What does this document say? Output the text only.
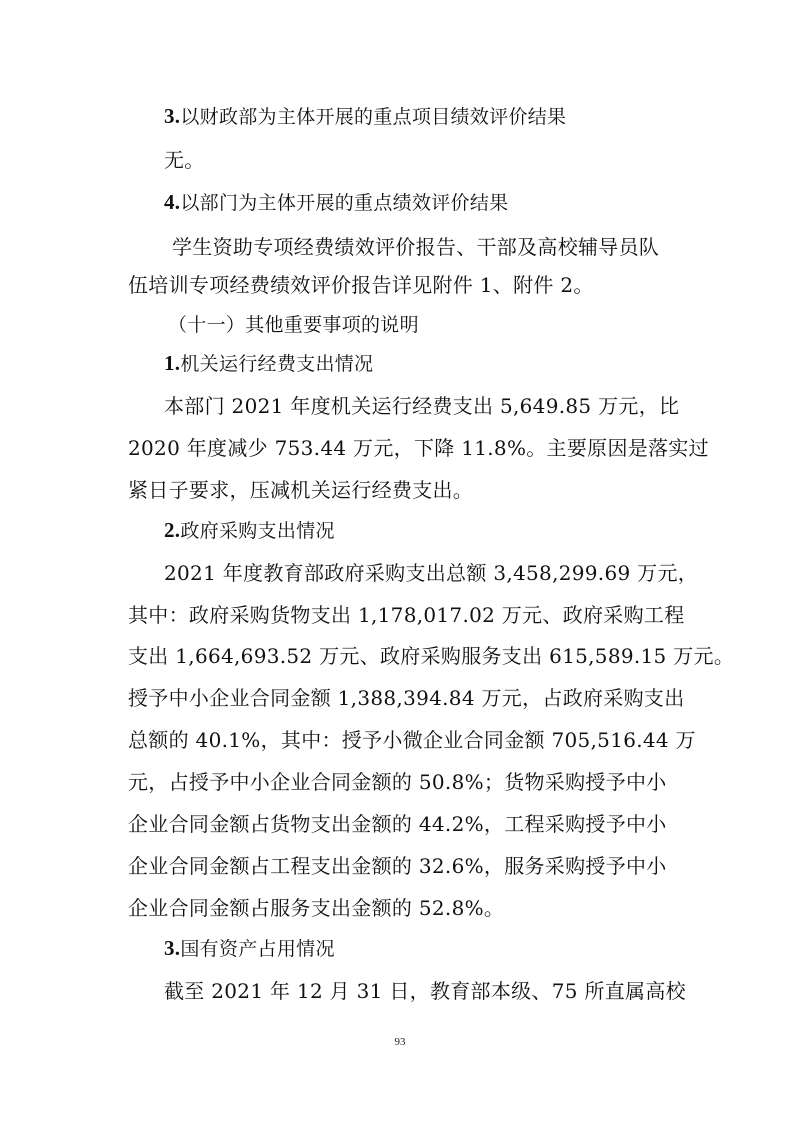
3.以财政部为主体开展的重点项目绩效评价结果
无。
4.以部门为主体开展的重点绩效评价结果
学生资助专项经费绩效评价报告、干部及高校辅导员队
伍培训专项经费绩效评价报告详见附件 1、附件 2。
（十一）其他重要事项的说明
1.机关运行经费支出情况
本部门 2021 年度机关运行经费支出 5,649.85 万元，比
2020 年度减少 753.44 万元，下降 11.8%。主要原因是落实过
紧日子要求，压减机关运行经费支出。
2.政府采购支出情况
2021 年度教育部政府采购支出总额 3,458,299.69 万元，
其中：政府采购货物支出 1,178,017.02 万元、政府采购工程
支出 1,664,693.52 万元、政府采购服务支出 615,589.15 万元。
授予中小企业合同金额 1,388,394.84 万元，占政府采购支出
总额的 40.1%，其中：授予小微企业合同金额 705,516.44 万
元，占授予中小企业合同金额的 50.8%；货物采购授予中小
企业合同金额占货物支出金额的 44.2%，工程采购授予中小
企业合同金额占工程支出金额的 32.6%，服务采购授予中小
企业合同金额占服务支出金额的 52.8%。
3.国有资产占用情况
截至 2021 年 12 月 31 日，教育部本级、75 所直属高校
93
